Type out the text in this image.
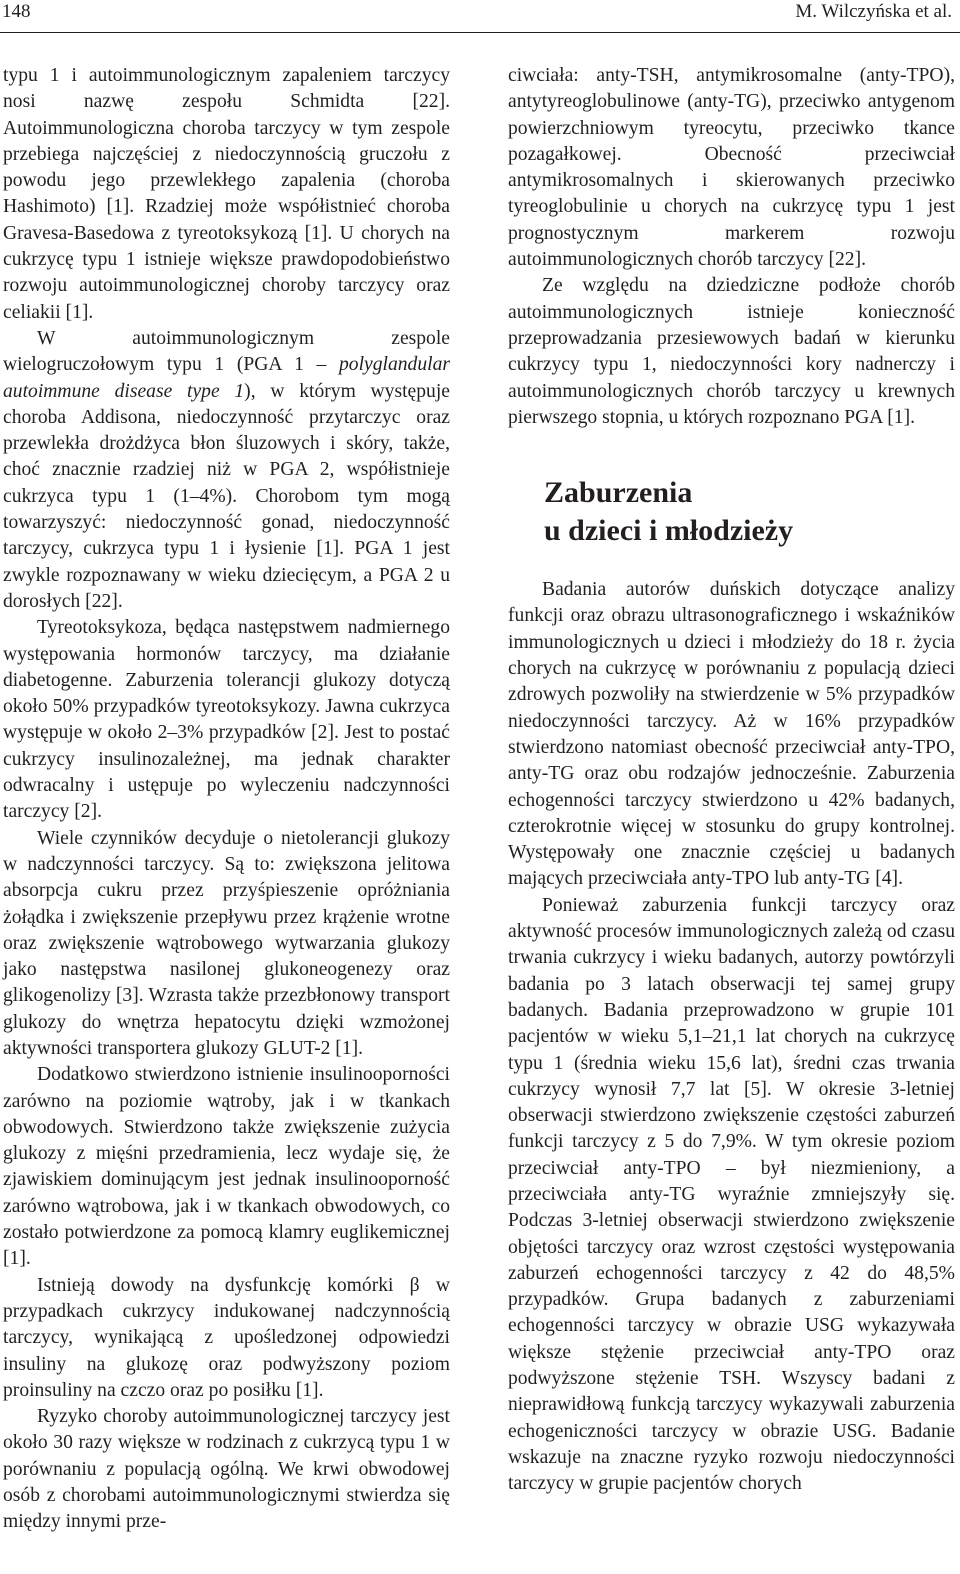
148	M. Wilczyńska et al.

typu 1 i autoimmunologicznym zapaleniem tarczycy nosi nazwę zespołu Schmidta [22]. Autoimmunologiczna choroba tarczycy w tym zespole przebiega najczęściej z niedoczynnością gruczołu z powodu jego przewlekłego zapalenia (choroba Hashimoto) [1]. Rzadziej może współistnieć choroba Gravesa-Basedowa z tyreotoksykozą [1]. U chorych na cukrzycę typu 1 istnieje większe prawdopodobieństwo rozwoju autoimmunologicznej choroby tarczycy oraz celiakii [1].

W autoimmunologicznym zespole wielogruczołowym typu 1 (PGA 1 – polyglandular autoimmune disease type 1), w którym występuje choroba Addisona, niedoczynność przytarczyc oraz przewlekła drożdżyca błon śluzowych i skóry, także, choć znacznie rzadziej niż w PGA 2, współistnieje cukrzyca typu 1 (1–4%). Chorobom tym mogą towarzyszyć: niedoczynność gonad, niedoczynność tarczycy, cukrzyca typu 1 i łysienie [1]. PGA 1 jest zwykle rozpoznawany w wieku dziecięcym, a PGA 2 u dorosłych [22].

Tyreotoksykoza, będąca następstwem nadmiernego występowania hormonów tarczycy, ma działanie diabetogenne. Zaburzenia tolerancji glukozy dotyczą około 50% przypadków tyreotoksykozy. Jawna cukrzyca występuje w około 2–3% przypadków [2]. Jest to postać cukrzycy insulinozależnej, ma jednak charakter odwracalny i ustępuje po wyleczeniu nadczynności tarczycy [2].

Wiele czynników decyduje o nietolerancji glukozy w nadczynności tarczycy. Są to: zwiększona jelitowa absorpcja cukru przez przyśpieszenie opróżniania żołądka i zwiększenie przepływu przez krążenie wrotne oraz zwiększenie wątrobowego wytwarzania glukozy jako następstwa nasilonej glukoneogenezy oraz glikogenolizy [3]. Wzrasta także przezbłonowy transport glukozy do wnętrza hepatocytu dzięki wzmożonej aktywności transportera glukozy GLUT-2 [1].

Dodatkowo stwierdzono istnienie insulinooporności zarówno na poziomie wątroby, jak i w tkankach obwodowych. Stwierdzono także zwiększenie zużycia glukozy z mięśni przedramienia, lecz wydaje się, że zjawiskiem dominującym jest jednak insulinooporność zarówno wątrobowa, jak i w tkankach obwodowych, co zostało potwierdzone za pomocą klamry euglikemicznej [1].

Istnieją dowody na dysfunkcję komórki β w przypadkach cukrzycy indukowanej nadczynnością tarczycy, wynikającą z upośledzonej odpowiedzi insuliny na glukozę oraz podwyższony poziom proinsuliny na czczo oraz po posiłku [1].

Ryzyko choroby autoimmunologicznej tarczycy jest około 30 razy większe w rodzinach z cukrzycą typu 1 w porównaniu z populacją ogólną. We krwi obwodowej osób z chorobami autoimmunologicznymi stwierdza się między innymi prze-

ciwciała: anty-TSH, antymikrosomalne (anty-TPO), antytyreoglobulinowe (anty-TG), przeciwko antygenom powierzchniowym tyreocytu, przeciwko tkance pozagałkowej. Obecność przeciwciał antymikrosomalnych i skierowanych przeciwko tyreoglobulinie u chorych na cukrzycę typu 1 jest prognostycznym markerem rozwoju autoimmunologicznych chorób tarczycy [22].

Ze względu na dziedziczne podłoże chorób autoimmunologicznych istnieje konieczność przeprowadzania przesiewowych badań w kierunku cukrzycy typu 1, niedoczynności kory nadnerczy i autoimmunologicznych chorób tarczycy u krewnych pierwszego stopnia, u których rozpoznano PGA [1].

Zaburzenia
u dzieci i młodzieży

Badania autorów duńskich dotyczące analizy funkcji oraz obrazu ultrasonograficznego i wskaźników immunologicznych u dzieci i młodzieży do 18 r. życia chorych na cukrzycę w porównaniu z populacją dzieci zdrowych pozwoliły na stwierdzenie w 5% przypadków niedoczynności tarczycy. Aż w 16% przypadków stwierdzono natomiast obecność przeciwciał anty-TPO, anty-TG oraz obu rodzajów jednocześnie. Zaburzenia echogenności tarczycy stwierdzono u 42% badanych, czterokrotnie więcej w stosunku do grupy kontrolnej. Występowały one znacznie częściej u badanych mających przeciwciała anty-TPO lub anty-TG [4].

Ponieważ zaburzenia funkcji tarczycy oraz aktywność procesów immunologicznych zależą od czasu trwania cukrzycy i wieku badanych, autorzy powtórzyli badania po 3 latach obserwacji tej samej grupy badanych. Badania przeprowadzono w grupie 101 pacjentów w wieku 5,1–21,1 lat chorych na cukrzycę typu 1 (średnia wieku 15,6 lat), średni czas trwania cukrzycy wynosił 7,7 lat [5]. W okresie 3-letniej obserwacji stwierdzono zwiększenie częstości zaburzeń funkcji tarczycy z 5 do 7,9%. W tym okresie poziom przeciwciał anty-TPO – był niezmieniony, a przeciwciała anty-TG wyraźnie zmniejszyły się. Podczas 3-letniej obserwacji stwierdzono zwiększenie objętości tarczycy oraz wzrost częstości występowania zaburzeń echogenności tarczycy z 42 do 48,5% przypadków. Grupa badanych z zaburzeniami echogenności tarczycy w obrazie USG wykazywała większe stężenie przeciwciał anty-TPO oraz podwyższone stężenie TSH. Wszyscy badani z nieprawidłową funkcją tarczycy wykazywali zaburzenia echogeniczności tarczycy w obrazie USG. Badanie wskazuje na znaczne ryzyko rozwoju niedoczynności tarczycy w grupie pacjentów chorych
